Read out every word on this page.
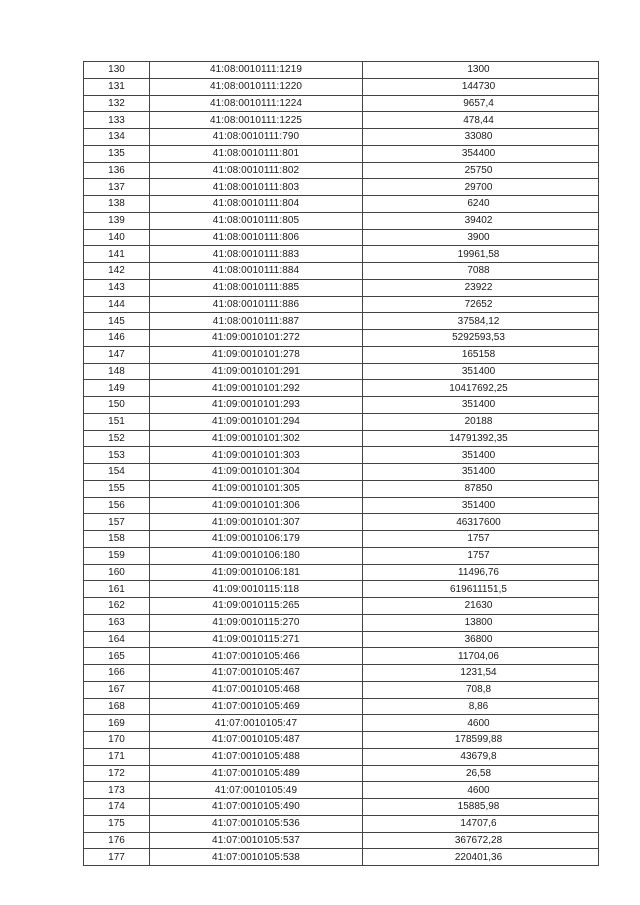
130	41:08:0010111:1219	1300
131	41:08:0010111:1220	144730
132	41:08:0010111:1224	9657,4
133	41:08:0010111:1225	478,44
134	41:08:0010111:790	33080
135	41:08:0010111:801	354400
136	41:08:0010111:802	25750
137	41:08:0010111:803	29700
138	41:08:0010111:804	6240
139	41:08:0010111:805	39402
140	41:08:0010111:806	3900
141	41:08:0010111:883	19961,58
142	41:08:0010111:884	7088
143	41:08:0010111:885	23922
144	41:08:0010111:886	72652
145	41:08:0010111:887	37584,12
146	41:09:0010101:272	5292593,53
147	41:09:0010101:278	165158
148	41:09:0010101:291	351400
149	41:09:0010101:292	10417692,25
150	41:09:0010101:293	351400
151	41:09:0010101:294	20188
152	41:09:0010101:302	14791392,35
153	41:09:0010101:303	351400
154	41:09:0010101:304	351400
155	41:09:0010101:305	87850
156	41:09:0010101:306	351400
157	41:09:0010101:307	46317600
158	41:09:0010106:179	1757
159	41:09:0010106:180	1757
160	41:09:0010106:181	11496,76
161	41:09:0010115:118	619611151,5
162	41:09:0010115:265	21630
163	41:09:0010115:270	13800
164	41:09:0010115:271	36800
165	41:07:0010105:466	11704,06
166	41:07:0010105:467	1231,54
167	41:07:0010105:468	708,8
168	41:07:0010105:469	8,86
169	41:07:0010105:47	4600
170	41:07:0010105:487	178599,88
171	41:07:0010105:488	43679,8
172	41:07:0010105:489	26,58
173	41:07:0010105:49	4600
174	41:07:0010105:490	15885,98
175	41:07:0010105:536	14707,6
176	41:07:0010105:537	367672,28
177	41:07:0010105:538	220401,36
